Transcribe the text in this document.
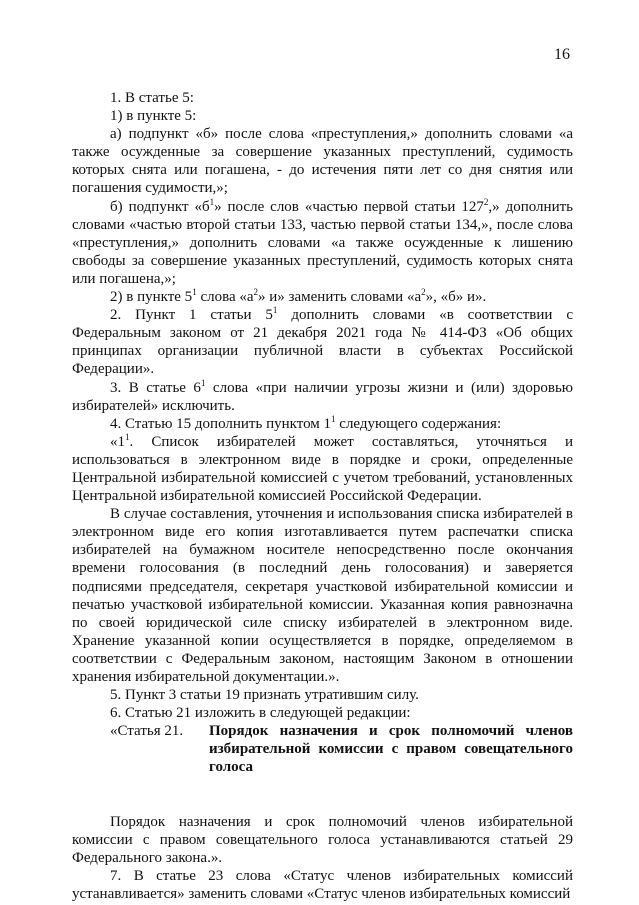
16

1. В статье 5:

1) в пункте 5:

а) подпункт «б» после слова «преступления,» дополнить словами «а также осужденные за совершение указанных преступлений, судимость которых снята или погашена, - до истечения пяти лет со дня снятия или погашения судимости,»;

б) подпункт «$б^1$» после слов «частью первой статьи $127^2$,» дополнить словами «частью второй статьи 133, частью первой статьи 134,», после слова «преступления,» дополнить словами «а также осужденные к лишению свободы за совершение указанных преступлений, судимость которых снята или погашена,»;

2) в пункте $5^1$ слова «$а^2$» и» заменить словами «$а^2$», «б» и».

2. Пункт 1 статьи $5^1$ дополнить словами «в соответствии с Федеральным законом от 21 декабря 2021 года № 414-ФЗ «Об общих принципах организации публичной власти в субъектах Российской Федерации».

3. В статье $6^1$ слова «при наличии угрозы жизни и (или) здоровью избирателей» исключить.

4. Статью 15 дополнить пунктом $1^1$ следующего содержания:

«$1^1$. Список избирателей может составляться, уточняться и использоваться в электронном виде в порядке и сроки, определенные Центральной избирательной комиссией с учетом требований, установленных Центральной избирательной комиссией Российской Федерации.

В случае составления, уточнения и использования списка избирателей в электронном виде его копия изготавливается путем распечатки списка избирателей на бумажном носителе непосредственно после окончания времени голосования (в последний день голосования) и заверяется подписями председателя, секретаря участковой избирательной комиссии и печатью участковой избирательной комиссии. Указанная копия равнозначна по своей юридической силе списку избирателей в электронном виде. Хранение указанной копии осуществляется в порядке, определяемом в соответствии с Федеральным законом, настоящим Законом в отношении хранения избирательной документации.».

5. Пункт 3 статьи 19 признать утратившим силу.

6. Статью 21 изложить в следующей редакции:

«Статья 21.	Порядок назначения и срок полномочий членов избирательной комиссии с правом совещательного голоса

Порядок назначения и срок полномочий членов избирательной комиссии с правом совещательного голоса устанавливаются статьей 29 Федерального закона.».

7. В статье 23 слова «Статус членов избирательных комиссий устанавливается» заменить словами «Статус членов избирательных комиссий
